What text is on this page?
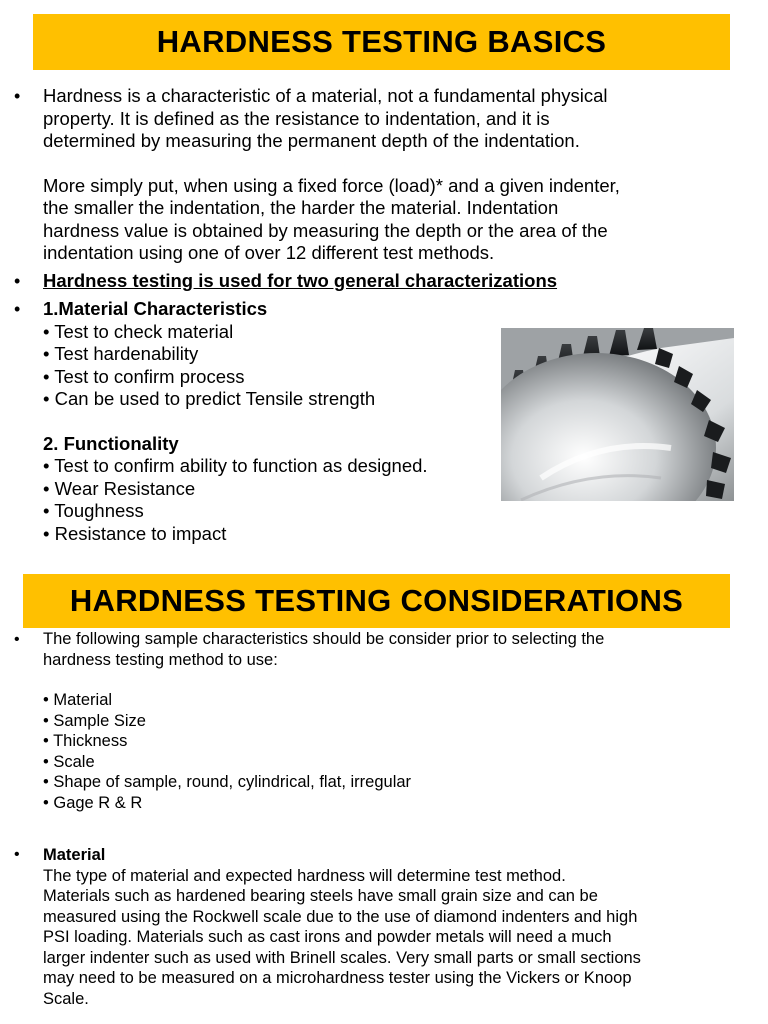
HARDNESS TESTING BASICS
• Hardness is a characteristic of a material, not a fundamental physical
property. It is defined as the resistance to indentation, and it is
determined by measuring the permanent depth of the indentation.
More simply put, when using a fixed force (load)* and a given indenter,
the smaller the indentation, the harder the material. Indentation
hardness value is obtained by measuring the depth or the area of the
indentation using one of over 12 different test methods.
• Hardness testing is used for two general characterizations
• 1.Material Characteristics
• Test to check material
• Test hardenability
• Test to confirm process
• Can be used to predict Tensile strength
2. Functionality
• Test to confirm ability to function as designed.
• Wear Resistance
• Toughness
• Resistance to impact
HARDNESS TESTING CONSIDERATIONS
• The following sample characteristics should be consider prior to selecting the
hardness testing method to use:
• Material
• Sample Size
• Thickness
• Scale
• Shape of sample, round, cylindrical, flat, irregular
• Gage R & R
• Material
The type of material and expected hardness will determine test method.
Materials such as hardened bearing steels have small grain size and can be
measured using the Rockwell scale due to the use of diamond indenters and high
PSI loading. Materials such as cast irons and powder metals will need a much
larger indenter such as used with Brinell scales. Very small parts or small sections
may need to be measured on a microhardness tester using the Vickers or Knoop
Scale.
